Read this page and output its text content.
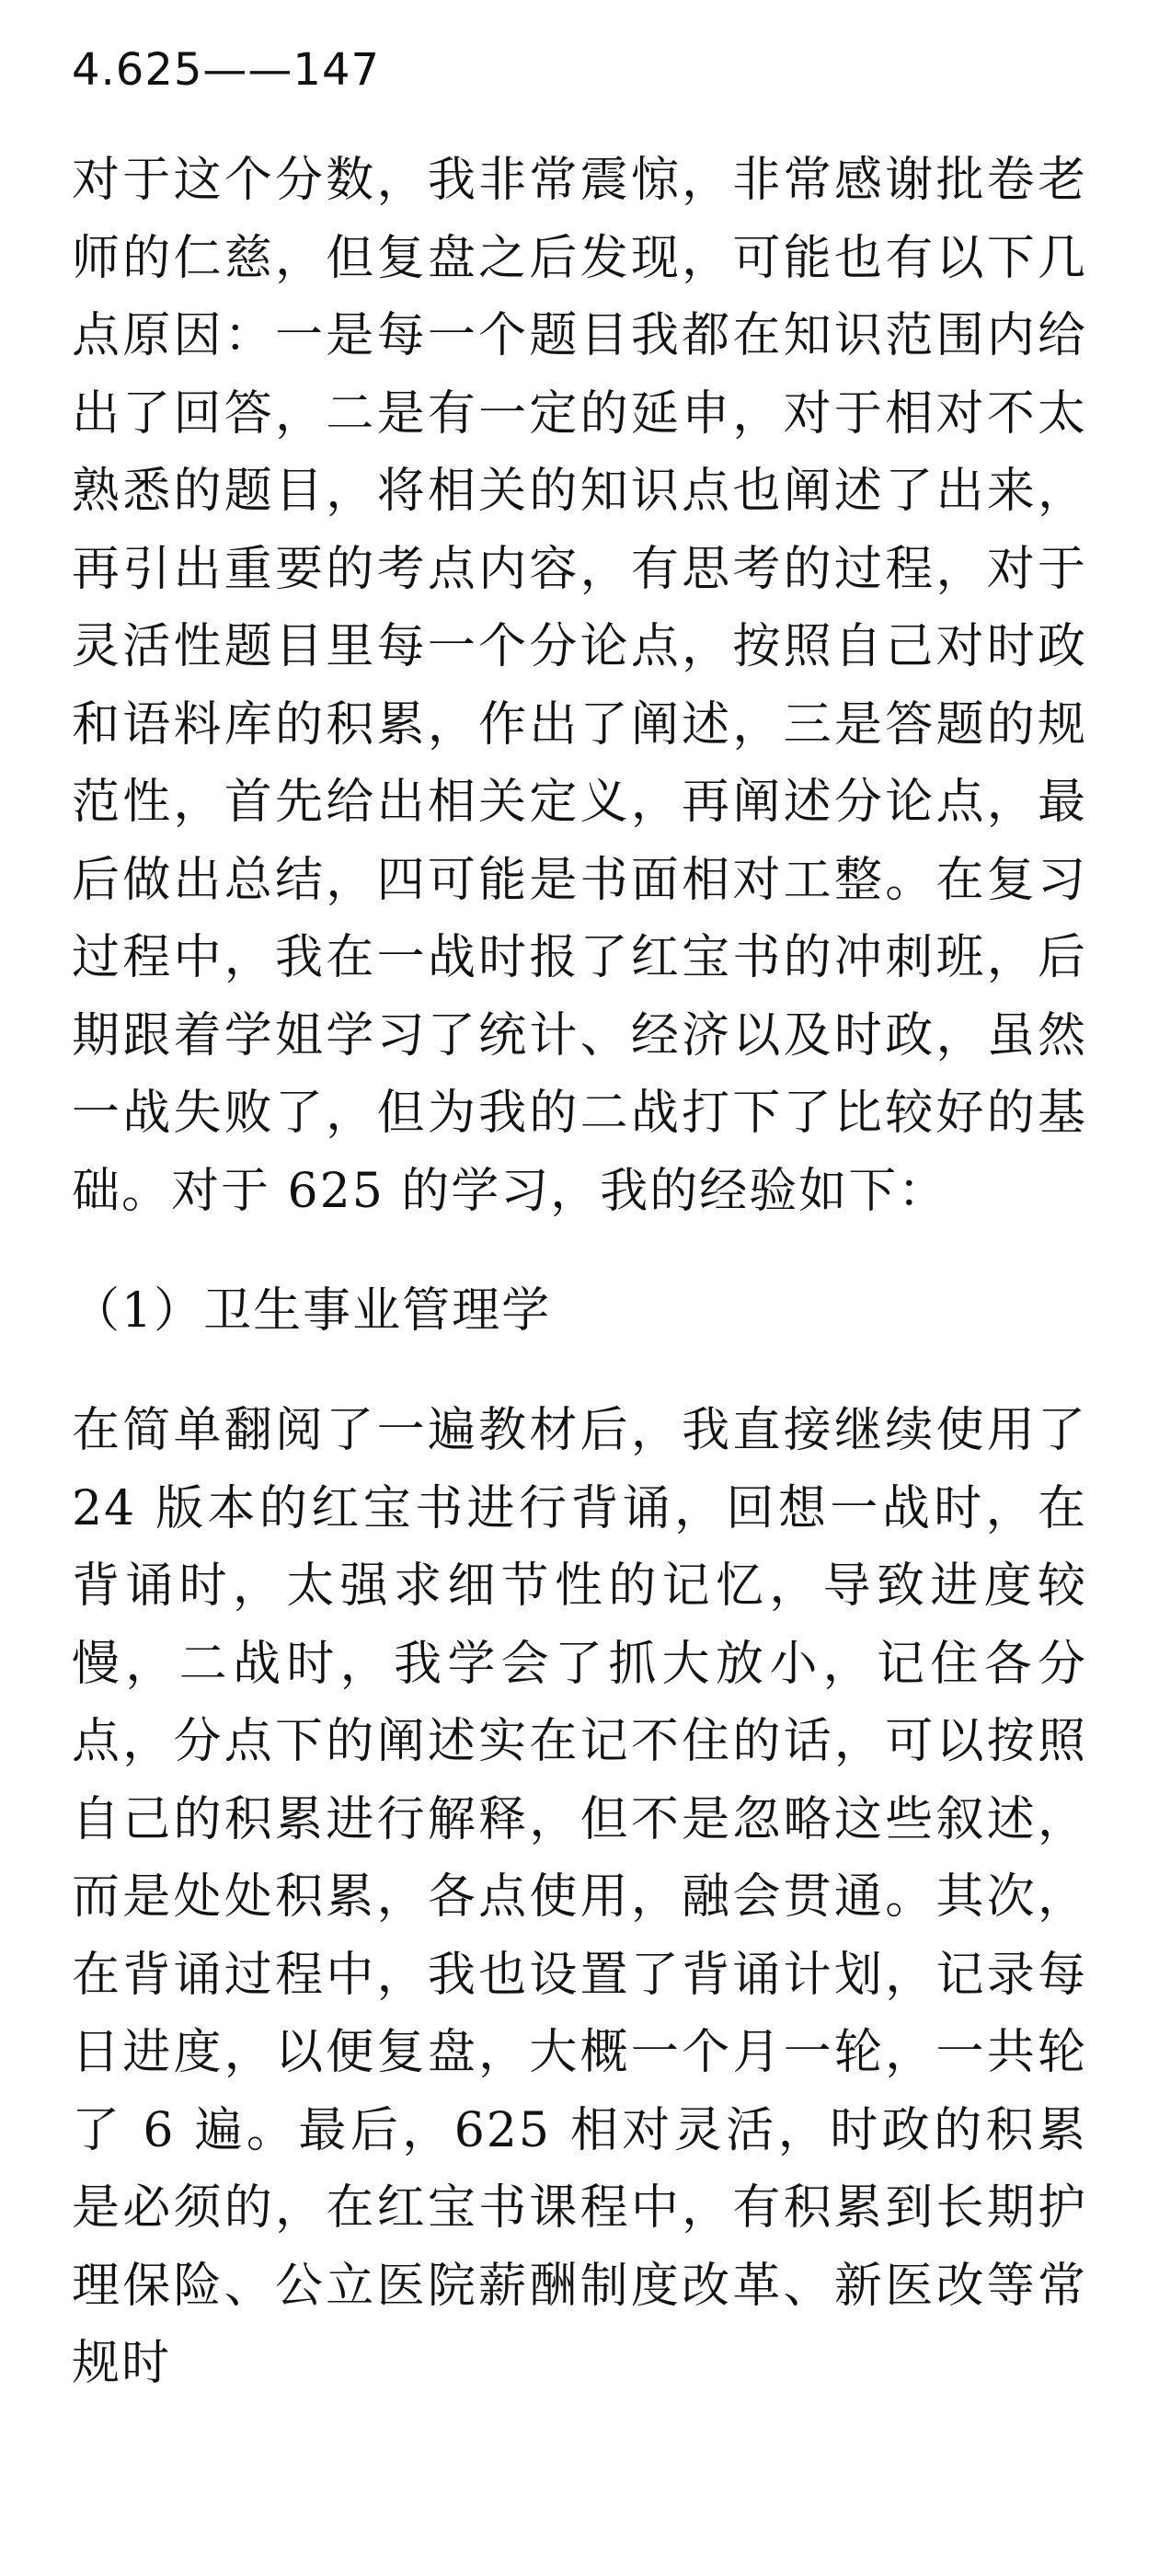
4.625——147

对于这个分数，我非常震惊，非常感谢批卷老师的仁慈，但复盘之后发现，可能也有以下几点原因：一是每一个题目我都在知识范围内给出了回答，二是有一定的延申，对于相对不太熟悉的题目，将相关的知识点也阐述了出来，再引出重要的考点内容，有思考的过程，对于灵活性题目里每一个分论点，按照自己对时政和语料库的积累，作出了阐述，三是答题的规范性，首先给出相关定义，再阐述分论点，最后做出总结，四可能是书面相对工整。在复习过程中，我在一战时报了红宝书的冲刺班，后期跟着学姐学习了统计、经济以及时政，虽然一战失败了，但为我的二战打下了比较好的基础。对于 625 的学习，我的经验如下：

（1）卫生事业管理学

在简单翻阅了一遍教材后，我直接继续使用了 24 版本的红宝书进行背诵，回想一战时，在背诵时，太强求细节性的记忆，导致进度较慢，二战时，我学会了抓大放小，记住各分点，分点下的阐述实在记不住的话，可以按照自己的积累进行解释，但不是忽略这些叙述，而是处处积累，各点使用，融会贯通。其次，在背诵过程中，我也设置了背诵计划，记录每日进度，以便复盘，大概一个月一轮，一共轮了 6 遍。最后，625 相对灵活，时政的积累是必须的，在红宝书课程中，有积累到长期护理保险、公立医院薪酬制度改革、新医改等常规时
